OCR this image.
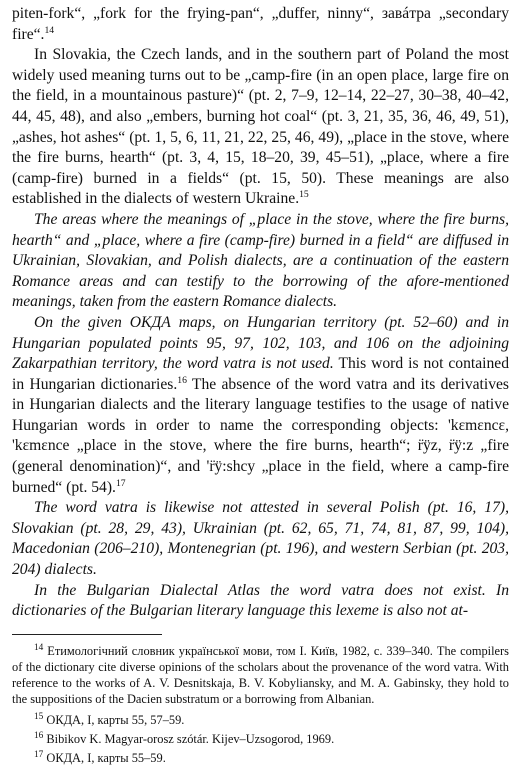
piten-fork“, „fork for the frying-pan“, „duffer, ninny“, завáтра „secondary fire“.$^{14}$

In Slovakia, the Czech lands, and in the southern part of Poland the most widely used meaning turns out to be „camp-fire (in an open place, large fire on the field, in a mountainous pasture)“ (pt. 2, 7–9, 12–14, 22–27, 30–38, 40–42, 44, 45, 48), and also „embers, burning hot coal“ (pt. 3, 21, 35, 36, 46, 49, 51), „ashes, hot ashes“ (pt. 1, 5, 6, 11, 21, 22, 25, 46, 49), „place in the stove, where the fire burns, hearth“ (pt. 3, 4, 15, 18–20, 39, 45–51), „place, where a fire (camp-fire) burned in a fields“ (pt. 15, 50). These meanings are also established in the dialects of western Ukraine.$^{15}$

The areas where the meanings of „place in the stove, where the fire burns, hearth“ and „place, where a fire (camp-fire) burned in a field“ are diffused in Ukrainian, Slovakian, and Polish dialects, are a continuation of the eastern Romance areas and can testify to the borrowing of the afore-mentioned meanings, taken from the eastern Romance dialects.

On the given ОКДА maps, on Hungarian territory (pt. 52–60) and in Hungarian populated points 95, 97, 102, 103, and 106 on the adjoining Zakarpathian territory, the word vatra is not used. This word is not contained in Hungarian dictionaries.$^{16}$ The absence of the word vatra and its derivatives in Hungarian dialects and the literary language testifies to the usage of native Hungarian words in order to name the corresponding objects: 'kɛmɛncɛ, 'kɛmɛnce „place in the stove, where the fire burns, hearth“; r̈ÿz, r̈ÿ:z „fire (general denomination)“, and 'r̈ÿ:shcy „place in the field, where a camp-fire burned“ (pt. 54).$^{17}$

The word vatra is likewise not attested in several Polish (pt. 16, 17), Slovakian (pt. 28, 29, 43), Ukrainian (pt. 62, 65, 71, 74, 81, 87, 99, 104), Macedonian (206–210), Montenegrian (pt. 196), and western Serbian (pt. 203, 204) dialects.

In the Bulgarian Dialectal Atlas the word vatra does not exist. In dictionaries of the Bulgarian literary language this lexeme is also not at-

$^{14}$ Етимологічний словник української мови, том I. Київ, 1982, с. 339–340. The compilers of the dictionary cite diverse opinions of the scholars about the provenance of the word vatra. With reference to the works of A. V. Desnitskaja, B. V. Kobyliansky, and M. A. Gabinsky, they hold to the suppositions of the Dacien substratum or a borrowing from Albanian.

$^{15}$ ОКДА, I, карты 55, 57–59.

$^{16}$ Bibikov K. Magyar-orosz szótár. Kijev–Uzsogorod, 1969.

$^{17}$ ОКДА, I, карты 55–59.
